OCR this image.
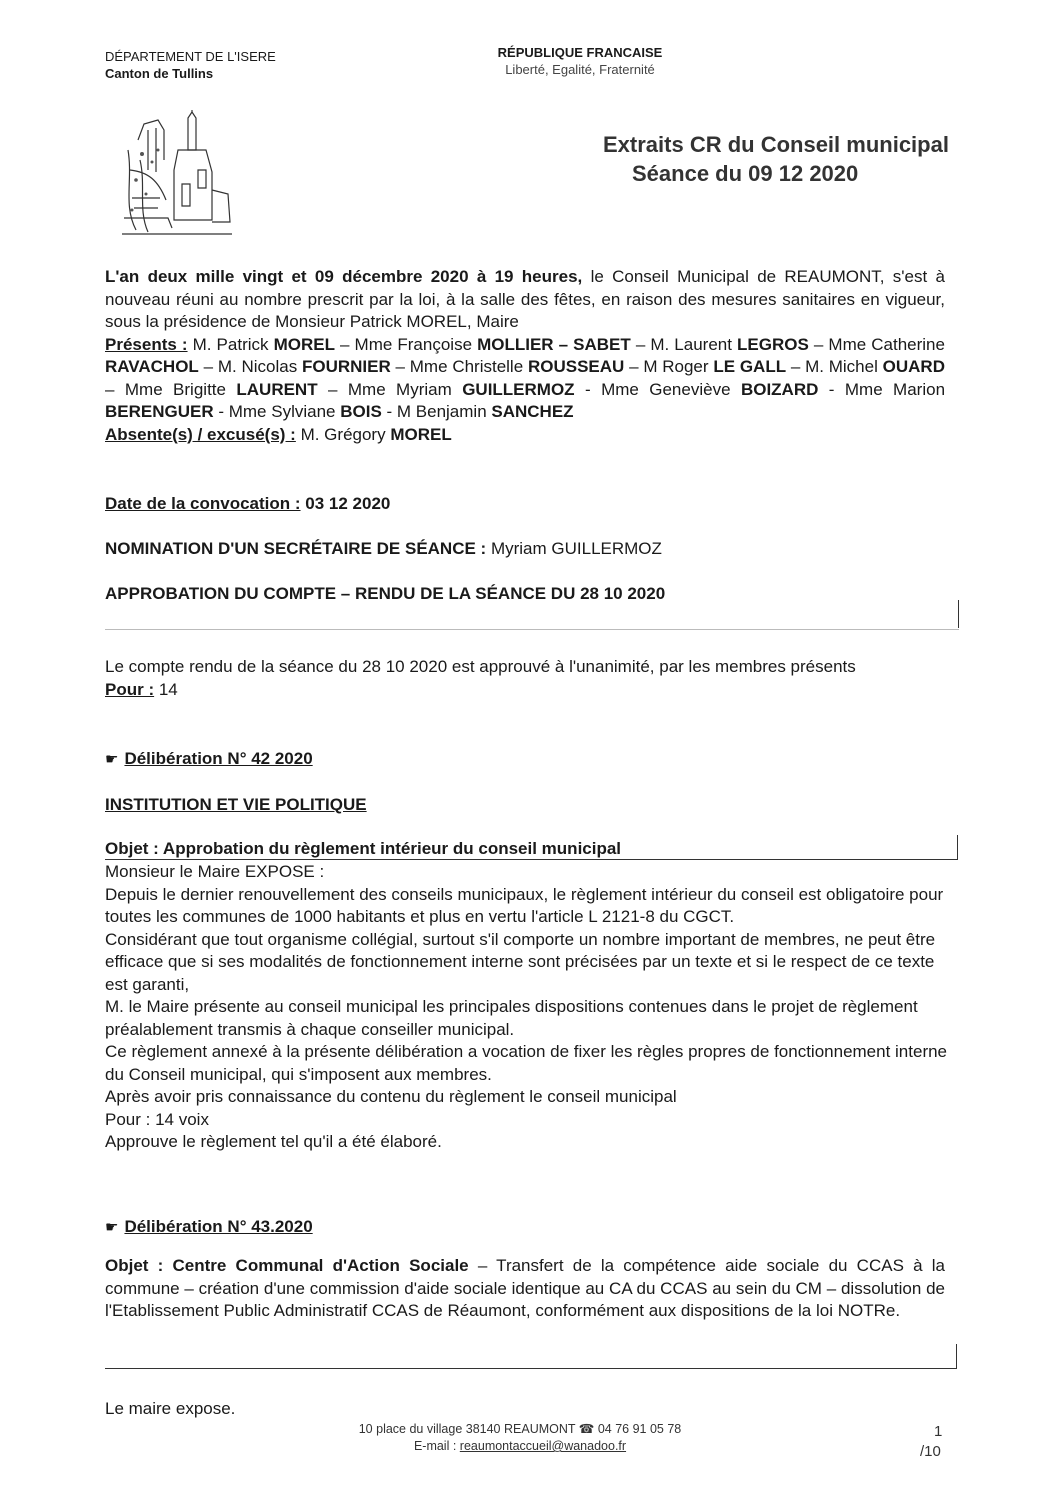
DÉPARTEMENT DE L'ISERE
Canton de Tullins
RÉPUBLIQUE FRANCAISE
Liberté, Egalité, Fraternité
Extraits CR du Conseil municipal
Séance du 09 12 2020
L'an deux mille vingt et 09 décembre 2020 à 19 heures, le Conseil Municipal de REAUMONT, s'est à nouveau réuni au nombre prescrit par la loi, à la salle des fêtes, en raison des mesures sanitaires en vigueur, sous la présidence de Monsieur Patrick MOREL, Maire
Présents : M. Patrick MOREL – Mme Françoise MOLLIER – SABET – M. Laurent LEGROS – Mme Catherine RAVACHOL – M. Nicolas FOURNIER – Mme Christelle ROUSSEAU – M Roger LE GALL – M. Michel OUARD – Mme Brigitte LAURENT – Mme Myriam GUILLERMOZ - Mme Geneviève BOIZARD - Mme Marion BERENGUER - Mme Sylviane BOIS - M Benjamin SANCHEZ
Absente(s) / excusé(s) : M. Grégory MOREL
Date de la convocation : 03 12 2020
NOMINATION D'UN SECRÉTAIRE DE SÉANCE : Myriam GUILLERMOZ
APPROBATION DU COMPTE – RENDU DE LA SÉANCE DU 28 10 2020
Le compte rendu de la séance du 28 10 2020 est approuvé à l'unanimité, par les membres présents
Pour : 14
☛ Délibération N° 42 2020
INSTITUTION ET VIE POLITIQUE
Objet : Approbation du règlement intérieur du conseil municipal
Monsieur le Maire EXPOSE :
Depuis le dernier renouvellement des conseils municipaux, le règlement intérieur du conseil est obligatoire pour toutes les communes de 1000 habitants et plus en vertu l'article L 2121-8 du CGCT.
Considérant que tout organisme collégial, surtout s'il comporte un nombre important de membres, ne peut être efficace que si ses modalités de fonctionnement interne sont précisées par un texte et si le respect de ce texte est garanti,
M. le Maire présente au conseil municipal les principales dispositions contenues dans le projet de règlement préalablement transmis à chaque conseiller municipal.
Ce règlement annexé à la présente délibération a vocation de fixer les règles propres de fonctionnement interne du Conseil municipal, qui s'imposent aux membres.
Après avoir pris connaissance du contenu du règlement le conseil municipal
Pour : 14 voix
Approuve le règlement tel qu'il a été élaboré.
☛ Délibération N° 43.2020
Objet : Centre Communal d'Action Sociale – Transfert de la compétence aide sociale du CCAS à la commune – création d'une commission d'aide sociale identique au CA du CCAS au sein du CM – dissolution de l'Etablissement Public Administratif CCAS de Réaumont, conformément aux dispositions de la loi NOTRe.
Le maire expose.
10 place du village 38140 REAUMONT ☎ 04 76 91 05 78
E-mail : reaumontaccueil@wanadoo.fr
1
/10
